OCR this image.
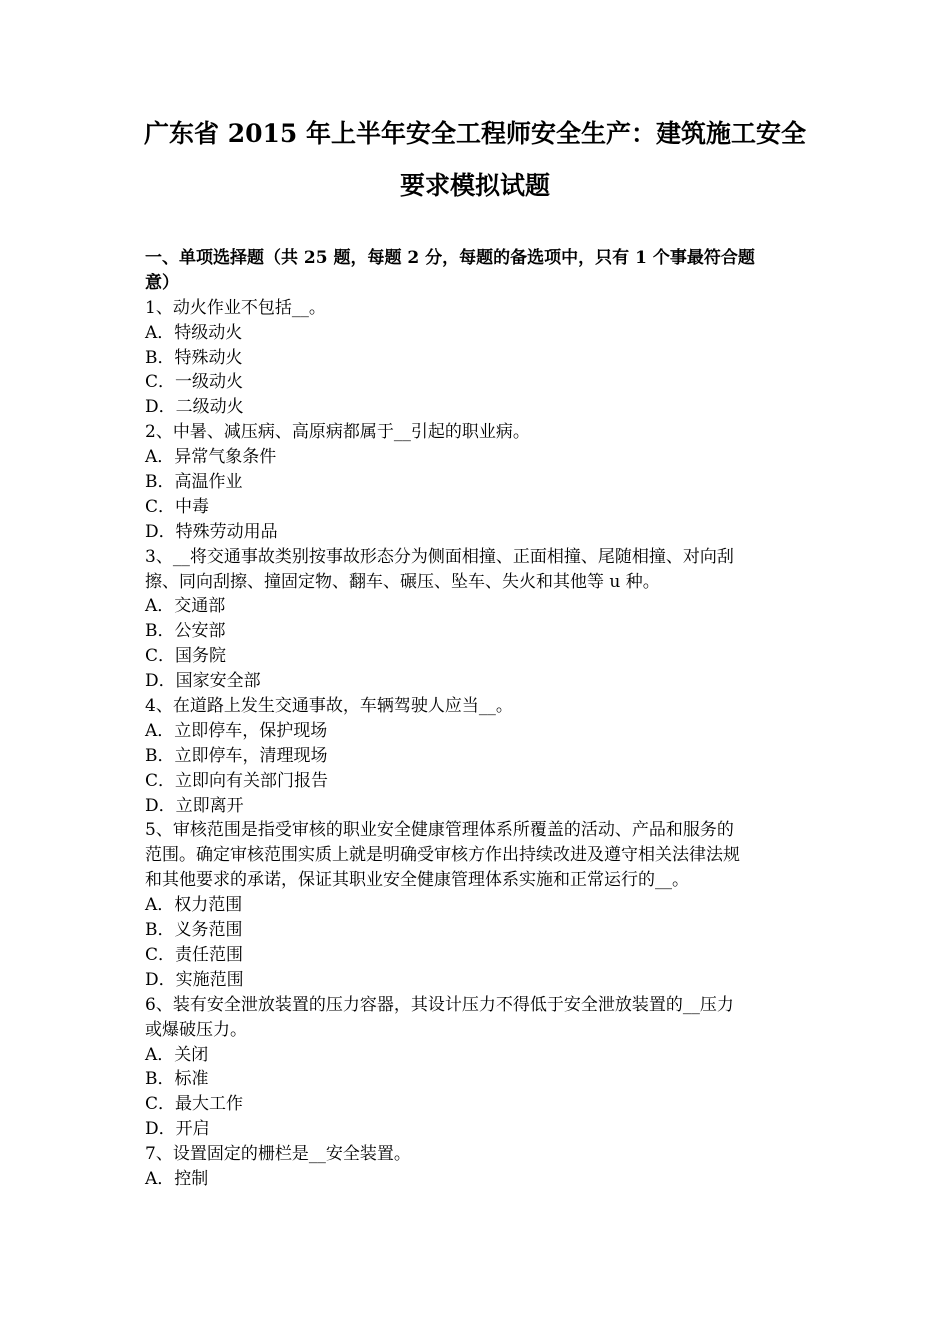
广东省 2015 年上半年安全工程师安全生产：建筑施工安全
要求模拟试题
一、单项选择题（共 25 题，每题 2 分，每题的备选项中，只有 1 个事最符合题
意）
1、动火作业不包括__。
A．特级动火
B．特殊动火
C．一级动火
D．二级动火
2、中暑、减压病、高原病都属于__引起的职业病。
A．异常气象条件
B．高温作业
C．中毒
D．特殊劳动用品
3、__将交通事故类别按事故形态分为侧面相撞、正面相撞、尾随相撞、对向刮
擦、同向刮擦、撞固定物、翻车、碾压、坠车、失火和其他等 u 种。
A．交通部
B．公安部
C．国务院
D．国家安全部
4、在道路上发生交通事故，车辆驾驶人应当__。
A．立即停车，保护现场
B．立即停车，清理现场
C．立即向有关部门报告
D．立即离开
5、审核范围是指受审核的职业安全健康管理体系所覆盖的活动、产品和服务的
范围。确定审核范围实质上就是明确受审核方作出持续改进及遵守相关法律法规
和其他要求的承诺，保证其职业安全健康管理体系实施和正常运行的__。
A．权力范围
B．义务范围
C．责任范围
D．实施范围
6、装有安全泄放装置的压力容器，其设计压力不得低于安全泄放装置的__压力
或爆破压力。
A．关闭
B．标准
C．最大工作
D．开启
7、设置固定的栅栏是__安全装置。
A．控制
